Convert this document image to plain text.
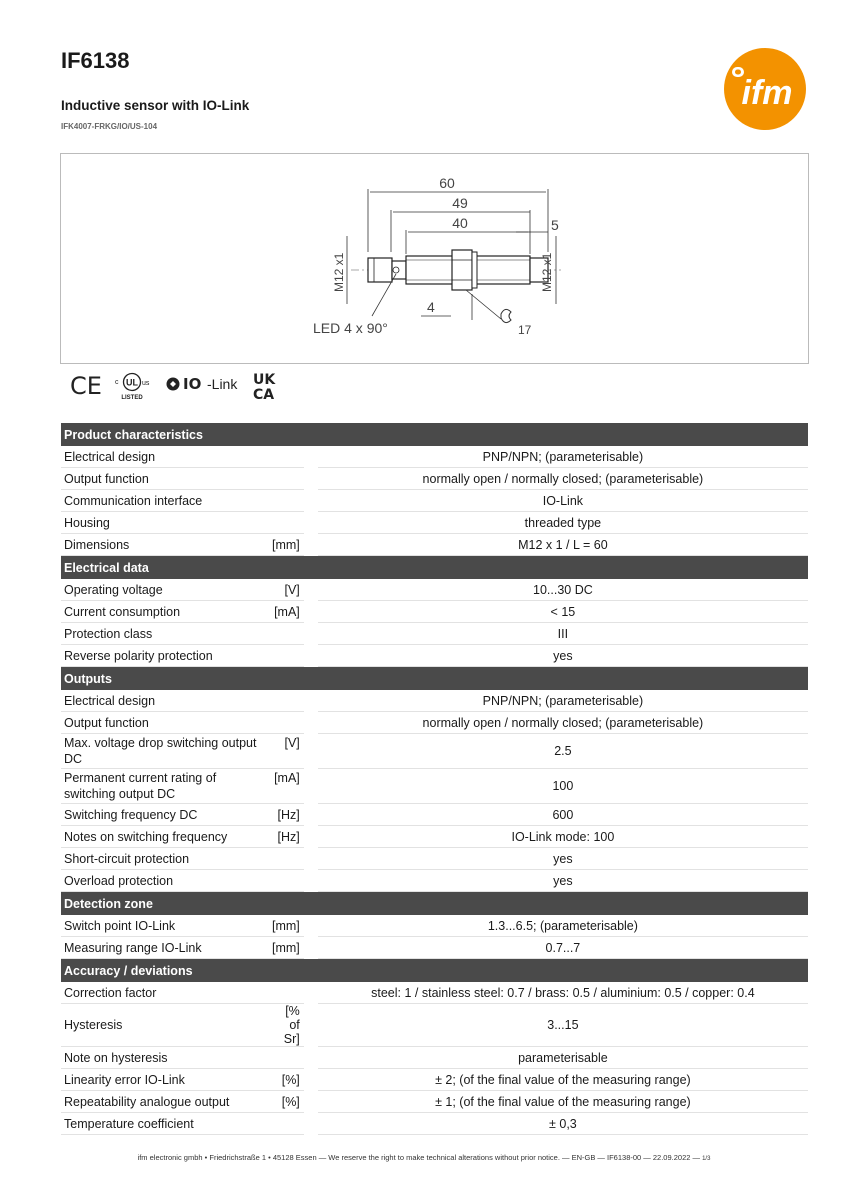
IF6138
Inductive sensor with IO-Link
IFK4007-FRKG/IO/US-104
ifm
60
49
40	5
M12 x1	M12 x1
LED 4 x 90°
4
17
CE c UL us
LISTED
IO -Link UK
CA
Product characteristics			
Electrical design			PNP/NPN; (parameterisable)
Output function			normally open / normally closed; (parameterisable)
Communication interface			IO-Link
Housing			threaded type
Dimensions	[mm]		M12 x 1 / L = 60
Electrical data			
Operating voltage	[V]		10...30 DC
Current consumption	[mA]		< 15
Protection class			III
Reverse polarity protection			yes
Outputs			
Electrical design			PNP/NPN; (parameterisable)
Output function			normally open / normally closed; (parameterisable)
Max. voltage drop switching output DC	[V]		2.5
Permanent current rating of switching output DC	[mA]		100
Switching frequency DC	[Hz]		600
Notes on switching frequency	[Hz]		IO-Link mode: 100
Short-circuit protection			yes
Overload protection			yes
Detection zone			
Switch point IO-Link	[mm]		1.3...6.5; (parameterisable)
Measuring range IO-Link	[mm]		0.7...7
Accuracy / deviations			
Correction factor			steel: 1 / stainless steel: 0.7 / brass: 0.5 / aluminium: 0.5 / copper: 0.4
Hysteresis	[% of Sr]		3...15
Note on hysteresis			parameterisable
Linearity error IO-Link	[%]		± 2; (of the final value of the measuring range)
Repeatability analogue output	[%]		± 1; (of the final value of the measuring range)
Temperature coefficient			± 0,3
ifm electronic gmbh • Friedrichstraße 1 • 45128 Essen — We reserve the right to make technical alterations without prior notice. — EN-GB — IF6138-00 — 22.09.2022 — 1/3
